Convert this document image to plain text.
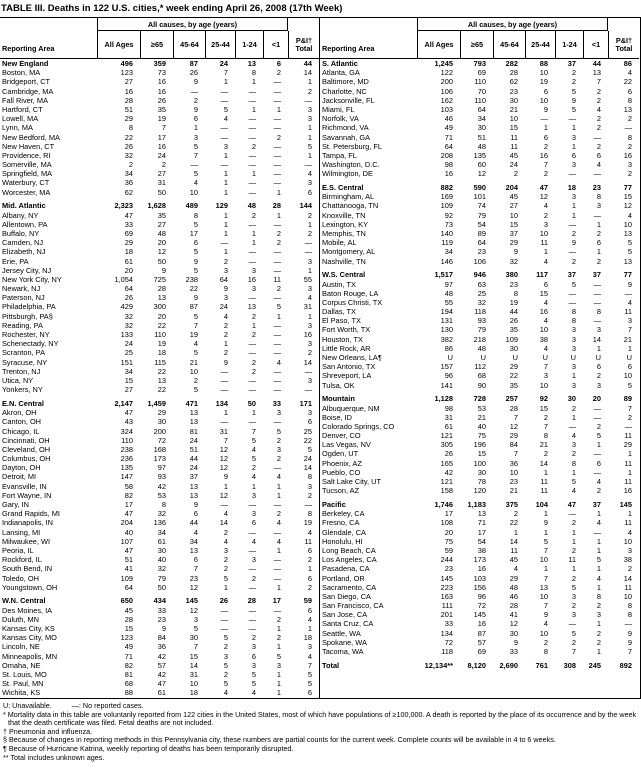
TABLE III. Deaths in 122 U.S. cities,* week ending April 26, 2008 (17th Week)
All causes, by age (years)
Reporting Area	All Ages	≥65	45-64	25-44	1-24	<1	P&I†
Total
New England	496	359	87	24	13	6	44
Boston, MA	123	73	26	7	8	2	14
Bridgeport, CT	27	16	9	1	1	—	1
Cambridge, MA	16	16	—	—	—	—	2
Fall River, MA	28	26	2	—	—	—	—
Hartford, CT	51	35	9	5	1	1	3
Lowell, MA	29	19	6	4	—	—	3
Lynn, MA	8	7	1	—	—	—	1
New Bedford, MA	22	17	3	—	—	2	1
New Haven, CT	26	16	5	3	2	—	5
Providence, RI	32	24	7	1	—	—	1
Somerville, MA	2	2	—	—	—	—	—
Springfield, MA	34	27	5	1	1	—	4
Waterbury, CT	36	31	4	1	—	—	3
Worcester, MA	62	50	10	1	—	1	6
Mid. Atlantic	2,323	1,628	489	129	48	28	144
Albany, NY	47	35	8	1	2	1	2
Allentown, PA	33	27	5	1	—	—	1
Buffalo, NY	69	48	17	1	1	2	2
Camden, NJ	29	20	6	—	1	2	—
Elizabeth, NJ	18	12	5	1	—	—	—
Erie, PA	61	50	9	2	—	—	3
Jersey City, NJ	20	9	5	3	3	—	1
New York City, NY	1,054	725	238	64	16	11	55
Newark, NJ	64	28	22	9	3	2	3
Paterson, NJ	26	13	9	3	—	—	4
Philadelphia, PA	429	300	87	24	13	5	31
Pittsburgh, PA§	32	20	5	4	2	1	1
Reading, PA	32	22	7	2	1	—	3
Rochester, NY	133	110	19	2	2	—	16
Schenectady, NY	24	19	4	1	—	—	3
Scranton, PA	25	18	5	2	—	—	2
Syracuse, NY	151	115	21	9	2	4	14
Trenton, NJ	34	22	10	—	2	—	—
Utica, NY	15	13	2	—	—	—	3
Yonkers, NY	27	22	5	—	—	—	—
E.N. Central	2,147	1,459	471	134	50	33	171
Akron, OH	47	29	13	1	1	3	3
Canton, OH	43	30	13	—	—	—	6
Chicago, IL	324	200	81	31	7	5	25
Cincinnati, OH	110	72	24	7	5	2	22
Cleveland, OH	238	168	51	12	4	3	5
Columbus, OH	236	173	44	12	5	2	24
Dayton, OH	135	97	24	12	2	—	14
Detroit, MI	147	93	37	9	4	4	8
Evansville, IN	58	42	13	1	1	1	3
Fort Wayne, IN	82	53	13	12	3	1	2
Gary, IN	17	8	9	—	—	—	—
Grand Rapids, MI	47	32	6	4	3	2	8
Indianapolis, IN	204	136	44	14	6	4	19
Lansing, MI	40	34	4	2	—	—	4
Milwaukee, WI	107	61	34	4	4	4	11
Peoria, IL	47	30	13	3	—	1	6
Rockford, IL	51	40	6	2	3	—	2
South Bend, IN	41	32	7	2	—	—	1
Toledo, OH	109	79	23	5	2	—	6
Youngstown, OH	64	50	12	1	—	1	2
W.N. Central	650	434	145	26	28	17	59
Des Moines, IA	45	33	12	—	—	—	6
Duluth, MN	28	23	3	—	—	2	4
Kansas City, KS	15	9	5	—	—	1	1
Kansas City, MO	123	84	30	5	2	2	18
Lincoln, NE	49	36	7	2	3	1	3
Minneapolis, MN	71	42	15	3	6	5	4
Omaha, NE	82	57	14	5	3	3	7
St. Louis, MO	81	42	31	2	5	1	5
St. Paul, MN	68	47	10	5	5	1	5
Wichita, KS	88	61	18	4	4	1	6
All causes, by age (years)
Reporting Area	All Ages	≥65	45-64	25-44	1-24	<1	P&I†
Total
S. Atlantic	1,245	793	282	88	37	44	86
Atlanta, GA	122	69	28	10	2	13	4
Baltimore, MD	200	110	62	19	2	7	22
Charlotte, NC	106	70	23	6	5	2	6
Jacksonville, FL	162	110	30	10	9	2	8
Miami, FL	103	64	21	9	5	4	13
Norfolk, VA	46	34	10	—	—	2	2
Richmond, VA	49	30	15	1	1	2	—
Savannah, GA	71	51	11	6	3	—	8
St. Petersburg, FL	64	48	11	2	1	2	2
Tampa, FL	208	135	45	16	6	6	16
Washington, D.C.	98	60	24	7	3	4	3
Wilmington, DE	16	12	2	2	—	—	2
E.S. Central	882	590	204	47	18	23	77
Birmingham, AL	169	101	45	12	3	8	15
Chattanooga, TN	109	74	27	4	1	3	12
Knoxville, TN	92	79	10	2	1	—	4
Lexington, KY	73	54	15	3	—	1	10
Memphis, TN	140	89	37	10	2	2	13
Mobile, AL	119	64	29	11	9	6	5
Montgomery, AL	34	23	9	1	—	1	5
Nashville, TN	146	106	32	4	2	2	13
W.S. Central	1,517	946	380	117	37	37	77
Austin, TX	97	63	23	6	5	—	9
Baton Rouge, LA	48	25	8	15	—	—	—
Corpus Christi, TX	55	32	19	4	—	—	4
Dallas, TX	194	118	44	16	8	8	11
El Paso, TX	131	93	26	4	8	—	3
Fort Worth, TX	130	79	35	10	3	3	7
Houston, TX	382	218	109	38	3	14	21
Little Rock, AR	86	48	30	4	3	1	1
New Orleans, LA¶	U	U	U	U	U	U	U
San Antonio, TX	157	112	29	7	3	6	6
Shreveport, LA	96	68	22	3	1	2	10
Tulsa, OK	141	90	35	10	3	3	5
Mountain	1,128	728	257	92	30	20	89
Albuquerque, NM	98	53	28	15	2	—	7
Boise, ID	31	21	7	2	1	—	2
Colorado Springs, CO	61	40	12	7	—	2	—
Denver, CO	121	75	29	8	4	5	11
Las Vegas, NV	305	196	84	21	3	1	29
Ogden, UT	26	15	7	2	2	—	1
Phoenix, AZ	165	100	36	14	8	6	11
Pueblo, CO	42	30	10	1	1	—	1
Salt Lake City, UT	121	78	23	11	5	4	11
Tucson, AZ	158	120	21	11	4	2	16
Pacific	1,746	1,183	375	104	47	37	145
Berkeley, CA	17	13	2	1	—	1	1
Fresno, CA	108	71	22	9	2	4	11
Glendale, CA	20	17	1	1	1	—	4
Honolulu, HI	75	54	14	5	1	1	10
Long Beach, CA	59	38	11	7	2	1	3
Los Angeles, CA	244	173	45	10	11	5	38
Pasadena, CA	23	16	4	1	1	1	2
Portland, OR	145	103	29	7	2	4	14
Sacramento, CA	223	156	48	13	5	1	11
San Diego, CA	163	96	46	10	3	8	10
San Francisco, CA	111	72	28	7	2	2	8
San Jose, CA	201	145	41	9	3	3	8
Santa Cruz, CA	33	16	12	4	—	1	—
Seattle, WA	134	87	30	10	5	2	9
Spokane, WA	72	57	9	2	2	2	9
Tacoma, WA	118	69	33	8	7	1	7
Total	12,134**	8,120	2,690	761	308	245	892
U: Unavailable.          —: No reported cases.
* Mortality data in this table are voluntarily reported from 122 cities in the United States, most of which have populations of ≥100,000. A death is reported by the place of its occurrence and by the week that the death certificate was filed. Fetal deaths are not included.
† Pneumonia and influenza.
§ Because of changes in reporting methods in this Pennsylvania city, these numbers are partial counts for the current week. Complete counts will be available in 4 to 6 weeks.
¶ Because of Hurricane Katrina, weekly reporting of deaths has been temporarily disrupted.
** Total includes unknown ages.
